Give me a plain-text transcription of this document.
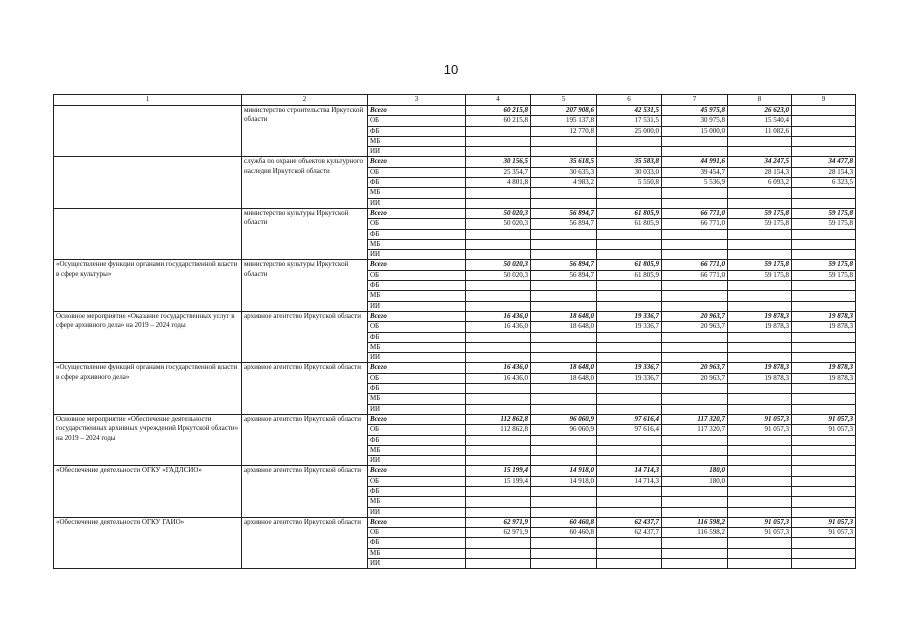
10
1	2	3	4	5	6	7	8	9
	министерство строительства Иркутской области	Всего	60 215,8	207 908,6	42 531,5	45 975,8	26 623,0	
		ОБ	60 215,8	195 137,8	17 531,5	30 975,8	15 540,4	
		ФБ		12 770,8	25 000,0	15 000,0	11 082,6	
		МБ						
		ИИ						
	служба по охране объектов культурного наследия Иркутской области	Всего	30 156,5	35 618,5	35 583,8	44 991,6	34 247,5	34 477,8
		ОБ	25 354,7	30 635,3	30 033,0	39 454,7	28 154,3	28 154,3
		ФБ	4 801,8	4 983,2	5 550,8	5 536,9	6 093,2	6 323,5
		МБ						
		ИИ						
	министерство культуры Иркутской области	Всего	50 020,3	56 894,7	61 805,9	66 771,0	59 175,8	59 175,8
		ОБ	50 020,3	56 894,7	61 805,9	66 771,0	59 175,8	59 175,8
		ФБ						
		МБ						
		ИИ						
«Осуществление функции органами государственной власти в сфере культуры»	министерство культуры Иркутской области	Всего	50 020,3	56 894,7	61 805,9	66 771,0	59 175,8	59 175,8
		ОБ	50 020,3	56 894,7	61 805,9	66 771,0	59 175,8	59 175,8
		ФБ						
		МБ						
		ИИ						
Основное мероприятие «Оказание государственных услуг в сфере архивного дела» на 2019 – 2024 годы	архивное агентство Иркутской области	Всего	16 436,0	18 648,0	19 336,7	20 963,7	19 878,3	19 878,3
		ОБ	16 436,0	18 648,0	19 336,7	20 963,7	19 878,3	19 878,3
		ФБ						
		МБ						
		ИИ						
«Осуществление функций органами государственной власти в сфере архивного дела»	архивное агентство Иркутской области	Всего	16 436,0	18 648,0	19 336,7	20 963,7	19 878,3	19 878,3
		ОБ	16 436,0	18 648,0	19 336,7	20 963,7	19 878,3	19 878,3
		ФБ						
		МБ						
		ИИ						
Основное мероприятие «Обеспечение деятельности государственных архивных учреждений Иркутской области» на 2019 – 2024 годы	архивное агентство Иркутской области	Всего	112 862,8	96 060,9	97 616,4	117 320,7	91 057,3	91 057,3
		ОБ	112 862,8	96 060,9	97 616,4	117 320,7	91 057,3	91 057,3
		ФБ						
		МБ						
		ИИ						
«Обеспечение деятельности ОГКУ «ГАДЛСИО»	архивное агентство Иркутской области	Всего	15 199,4	14 918,0	14 714,3	180,0		
		ОБ	15 199,4	14 918,0	14 714,3	180,0		
		ФБ						
		МБ						
		ИИ						
«Обеспечение деятельности ОГКУ ГАИО»	архивное агентство Иркутской области	Всего	62 971,9	60 460,8	62 437,7	116 598,2	91 057,3	91 057,3
		ОБ	62 971,9	60 460,8	62 437,7	116 598,2	91 057,3	91 057,3
		ФБ						
		МБ						
		ИИ						
